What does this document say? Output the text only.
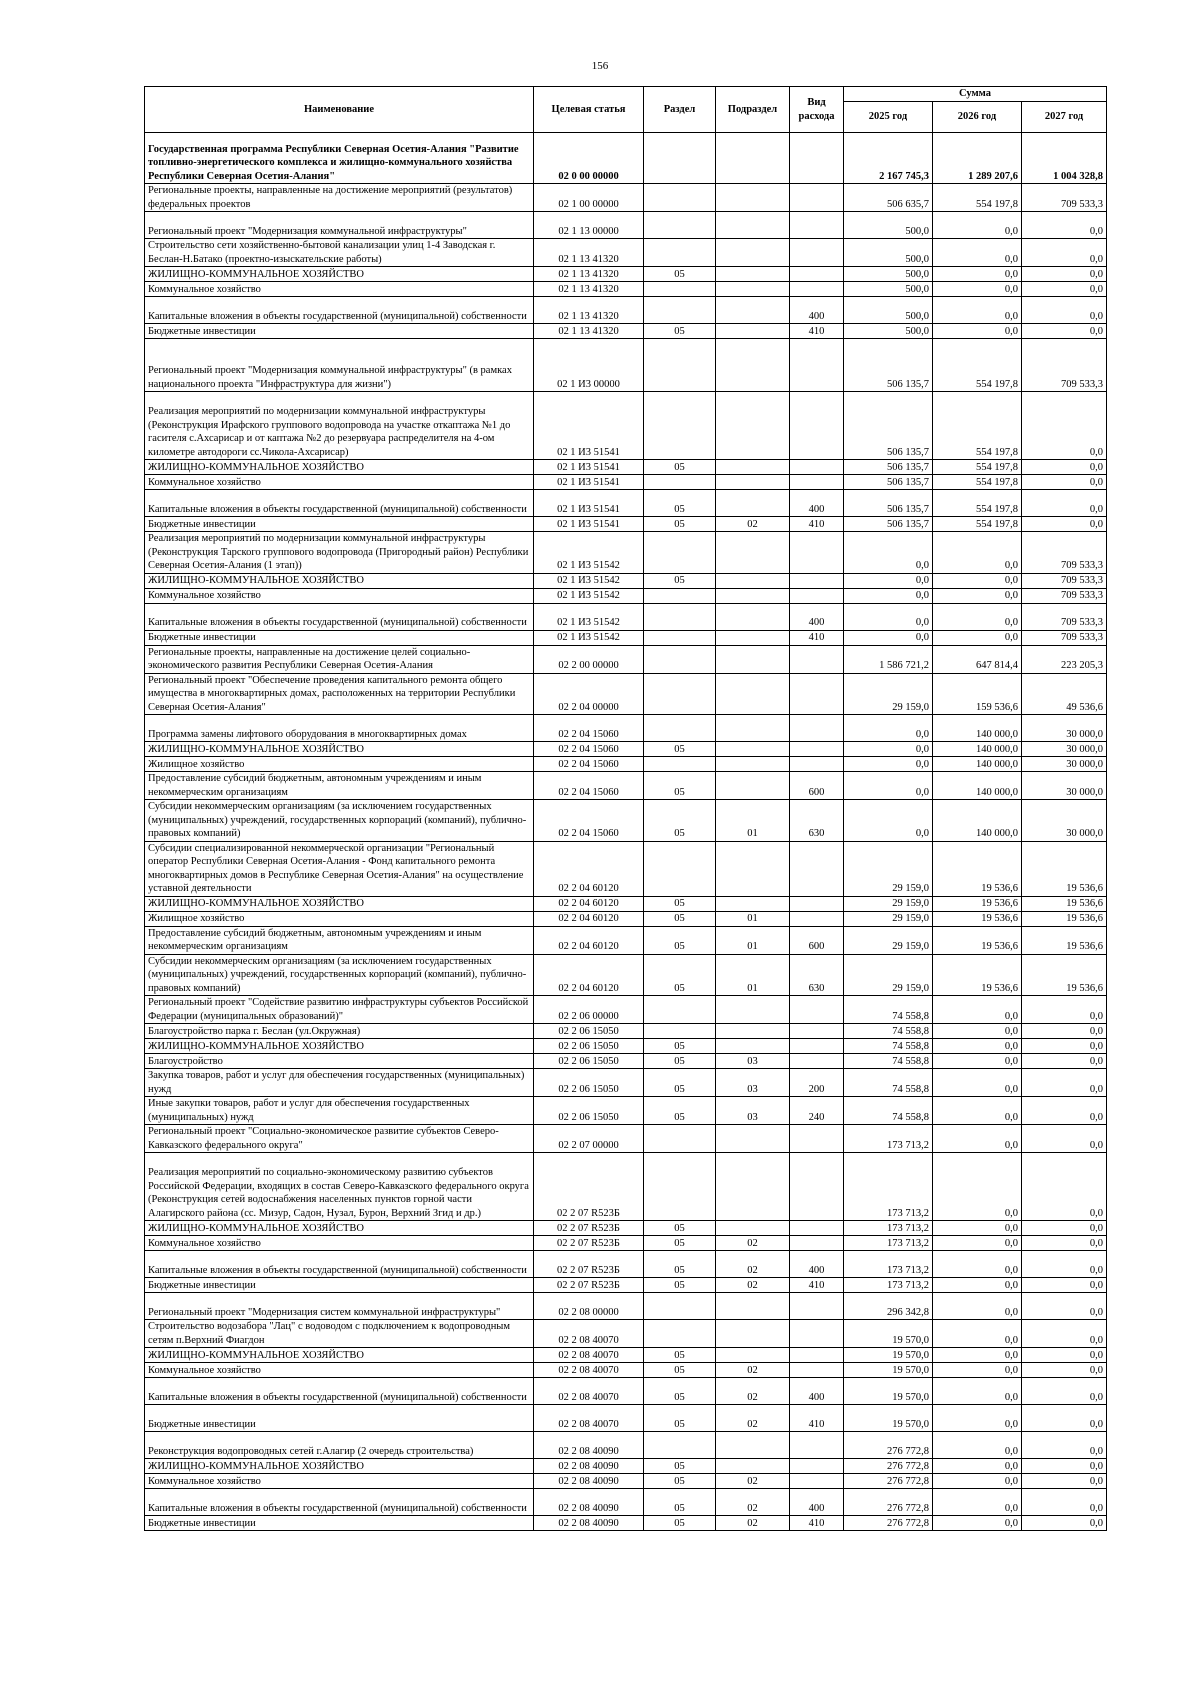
156
Наименование	Целевая статья	Раздел	Подраздел	Вид расхода	Сумма		
					2025 год	2026 год	2027 год
Государственная программа Республики Северная Осетия-Алания "Развитие топливно-энергетического комплекса и жилищно-коммунального хозяйства Республики Северная Осетия-Алания"	02 0 00 00000				2 167 745,3	1 289 207,6	1 004 328,8
Региональные проекты, направленные на достижение мероприятий (результатов) федеральных проектов	02 1 00 00000				506 635,7	554 197,8	709 533,3
Региональный проект "Модернизация коммунальной инфраструктуры"	02 1 13 00000				500,0	0,0	0,0
Строительство сети хозяйственно-бытовой канализации улиц 1-4 Заводская г. Беслан-Н.Батако (проектно-изыскательские работы)	02 1 13 41320				500,0	0,0	0,0
ЖИЛИЩНО-КОММУНАЛЬНОЕ ХОЗЯЙСТВО	02 1 13 41320	05			500,0	0,0	0,0
Коммунальное хозяйство	02 1 13 41320				500,0	0,0	0,0
Капитальные вложения в объекты государственной (муниципальной) собственности	02 1 13 41320			400	500,0	0,0	0,0
Бюджетные инвестиции	02 1 13 41320	05		410	500,0	0,0	0,0
Региональный проект "Модернизация коммунальной инфраструктуры" (в рамках национального проекта "Инфраструктура для жизни")	02 1 И3 00000				506 135,7	554 197,8	709 533,3
Реализация мероприятий по модернизации коммунальной инфраструктуры (Реконструкция Ирафского группового водопровода на участке откаптажа №1 до гасителя с.Ахсарисар и от каптажа №2 до резервуара распределителя на 4-ом километре автодороги сс.Чикола-Ахсарисар)	02 1 И3 51541				506 135,7	554 197,8	0,0
ЖИЛИЩНО-КОММУНАЛЬНОЕ ХОЗЯЙСТВО	02 1 И3 51541	05			506 135,7	554 197,8	0,0
Коммунальное хозяйство	02 1 И3 51541				506 135,7	554 197,8	0,0
Капитальные вложения в объекты государственной (муниципальной) собственности	02 1 И3 51541	05		400	506 135,7	554 197,8	0,0
Бюджетные инвестиции	02 1 И3 51541	05	02	410	506 135,7	554 197,8	0,0
Реализация мероприятий по модернизации коммунальной инфраструктуры (Реконструкция Тарского группового водопровода (Пригородный район) Республики Северная Осетия-Алания (1 этап))	02 1 И3 51542				0,0	0,0	709 533,3
ЖИЛИЩНО-КОММУНАЛЬНОЕ ХОЗЯЙСТВО	02 1 И3 51542	05			0,0	0,0	709 533,3
Коммунальное хозяйство	02 1 И3 51542				0,0	0,0	709 533,3
Капитальные вложения в объекты государственной (муниципальной) собственности	02 1 И3 51542			400	0,0	0,0	709 533,3
Бюджетные инвестиции	02 1 И3 51542			410	0,0	0,0	709 533,3
Региональные проекты, направленные на достижение целей социально-экономического развития Республики Северная Осетия-Алания	02 2 00 00000				1 586 721,2	647 814,4	223 205,3
Региональный проект "Обеспечение проведения капитального ремонта общего имущества в многоквартирных домах, расположенных на территории Республики Северная Осетия-Алания"	02 2 04 00000				29 159,0	159 536,6	49 536,6
Программа замены лифтового оборудования в многоквартирных домах	02 2 04 15060				0,0	140 000,0	30 000,0
ЖИЛИЩНО-КОММУНАЛЬНОЕ ХОЗЯЙСТВО	02 2 04 15060	05			0,0	140 000,0	30 000,0
Жилищное хозяйство	02 2 04 15060				0,0	140 000,0	30 000,0
Предоставление субсидий бюджетным, автономным учреждениям и иным некоммерческим организациям	02 2 04 15060	05		600	0,0	140 000,0	30 000,0
Субсидии некоммерческим организациям (за исключением государственных (муниципальных) учреждений, государственных корпораций (компаний), публично-правовых компаний)	02 2 04 15060	05	01	630	0,0	140 000,0	30 000,0
Субсидии специализированной некоммерческой организации "Региональный оператор Республики Северная Осетия-Алания - Фонд капитального ремонта многоквартирных домов в Республике Северная Осетия-Алания" на осуществление уставной деятельности	02 2 04 60120				29 159,0	19 536,6	19 536,6
ЖИЛИЩНО-КОММУНАЛЬНОЕ ХОЗЯЙСТВО	02 2 04 60120	05			29 159,0	19 536,6	19 536,6
Жилищное хозяйство	02 2 04 60120	05	01		29 159,0	19 536,6	19 536,6
Предоставление субсидий бюджетным, автономным учреждениям и иным некоммерческим организациям	02 2 04 60120	05	01	600	29 159,0	19 536,6	19 536,6
Субсидии некоммерческим организациям (за исключением государственных (муниципальных) учреждений, государственных корпораций (компаний), публично-правовых компаний)	02 2 04 60120	05	01	630	29 159,0	19 536,6	19 536,6
Региональный проект "Содействие развитию инфраструктуры субъектов Российской Федерации (муниципальных образований)"	02 2 06 00000				74 558,8	0,0	0,0
Благоустройство парка г. Беслан (ул.Окружная)	02 2 06 15050				74 558,8	0,0	0,0
ЖИЛИЩНО-КОММУНАЛЬНОЕ ХОЗЯЙСТВО	02 2 06 15050	05			74 558,8	0,0	0,0
Благоустройство	02 2 06 15050	05	03		74 558,8	0,0	0,0
Закупка товаров, работ и услуг для обеспечения государственных (муниципальных) нужд	02 2 06 15050	05	03	200	74 558,8	0,0	0,0
Иные закупки товаров, работ и услуг для обеспечения государственных (муниципальных) нужд	02 2 06 15050	05	03	240	74 558,8	0,0	0,0
Региональный проект "Социально-экономическое развитие субъектов Северо-Кавказского федерального округа"	02 2 07 00000				173 713,2	0,0	0,0
Реализация мероприятий по социально-экономическому развитию субъектов Российской Федерации, входящих в состав Северо-Кавказского федерального округа (Реконструкция сетей водоснабжения населенных пунктов горной части Алагирского района (сс. Мизур, Садон, Нузал, Бурон, Верхний Згид и др.)	02 2 07 R523Б				173 713,2	0,0	0,0
ЖИЛИЩНО-КОММУНАЛЬНОЕ ХОЗЯЙСТВО	02 2 07 R523Б	05			173 713,2	0,0	0,0
Коммунальное хозяйство	02 2 07 R523Б	05	02		173 713,2	0,0	0,0
Капитальные вложения в объекты государственной (муниципальной) собственности	02 2 07 R523Б	05	02	400	173 713,2	0,0	0,0
Бюджетные инвестиции	02 2 07 R523Б	05	02	410	173 713,2	0,0	0,0
Региональный проект "Модернизация систем коммунальной инфраструктуры"	02 2 08 00000				296 342,8	0,0	0,0
Строительство водозабора "Лац" с водоводом с подключением к водопроводным сетям п.Верхний Фиагдон	02 2 08 40070				19 570,0	0,0	0,0
ЖИЛИЩНО-КОММУНАЛЬНОЕ ХОЗЯЙСТВО	02 2 08 40070	05			19 570,0	0,0	0,0
Коммунальное хозяйство	02 2 08 40070	05	02		19 570,0	0,0	0,0
Капитальные вложения в объекты государственной (муниципальной) собственности	02 2 08 40070	05	02	400	19 570,0	0,0	0,0
Бюджетные инвестиции	02 2 08 40070	05	02	410	19 570,0	0,0	0,0
Реконструкция водопроводных сетей г.Алагир (2 очередь строительства)	02 2 08 40090				276 772,8	0,0	0,0
ЖИЛИЩНО-КОММУНАЛЬНОЕ ХОЗЯЙСТВО	02 2 08 40090	05			276 772,8	0,0	0,0
Коммунальное хозяйство	02 2 08 40090	05	02		276 772,8	0,0	0,0
Капитальные вложения в объекты государственной (муниципальной) собственности	02 2 08 40090	05	02	400	276 772,8	0,0	0,0
Бюджетные инвестиции	02 2 08 40090	05	02	410	276 772,8	0,0	0,0
